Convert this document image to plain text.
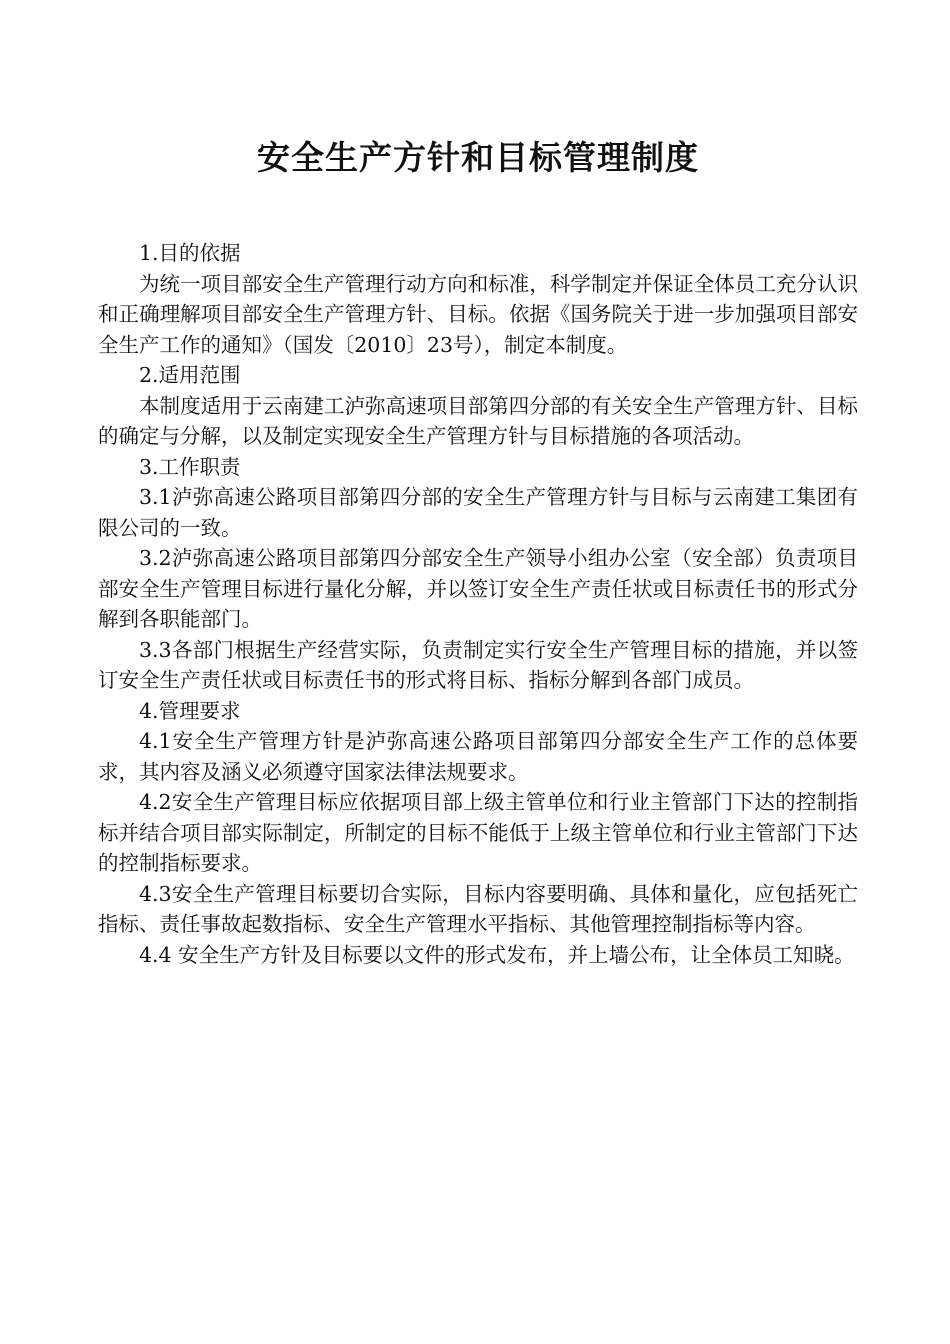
安全生产方针和目标管理制度

1.目的依据

为统一项目部安全生产管理行动方向和标准，科学制定并保证全体员工充分认识和正确理解项目部安全生产管理方针、目标。依据《国务院关于进一步加强项目部安全生产工作的通知》（国发〔2010〕23号），制定本制度。

2.适用范围

本制度适用于云南建工泸弥高速项目部第四分部的有关安全生产管理方针、目标的确定与分解，以及制定实现安全生产管理方针与目标措施的各项活动。

3.工作职责

3.1泸弥高速公路项目部第四分部的安全生产管理方针与目标与云南建工集团有限公司的一致。

3.2泸弥高速公路项目部第四分部安全生产领导小组办公室（安全部）负责项目部安全生产管理目标进行量化分解，并以签订安全生产责任状或目标责任书的形式分解到各职能部门。

3.3各部门根据生产经营实际，负责制定实行安全生产管理目标的措施，并以签订安全生产责任状或目标责任书的形式将目标、指标分解到各部门成员。

4.管理要求

4.1安全生产管理方针是泸弥高速公路项目部第四分部安全生产工作的总体要求，其内容及涵义必须遵守国家法律法规要求。

4.2安全生产管理目标应依据项目部上级主管单位和行业主管部门下达的控制指标并结合项目部实际制定，所制定的目标不能低于上级主管单位和行业主管部门下达的控制指标要求。

4.3安全生产管理目标要切合实际，目标内容要明确、具体和量化，应包括死亡指标、责任事故起数指标、安全生产管理水平指标、其他管理控制指标等内容。

4.4 安全生产方针及目标要以文件的形式发布，并上墙公布，让全体员工知晓。
